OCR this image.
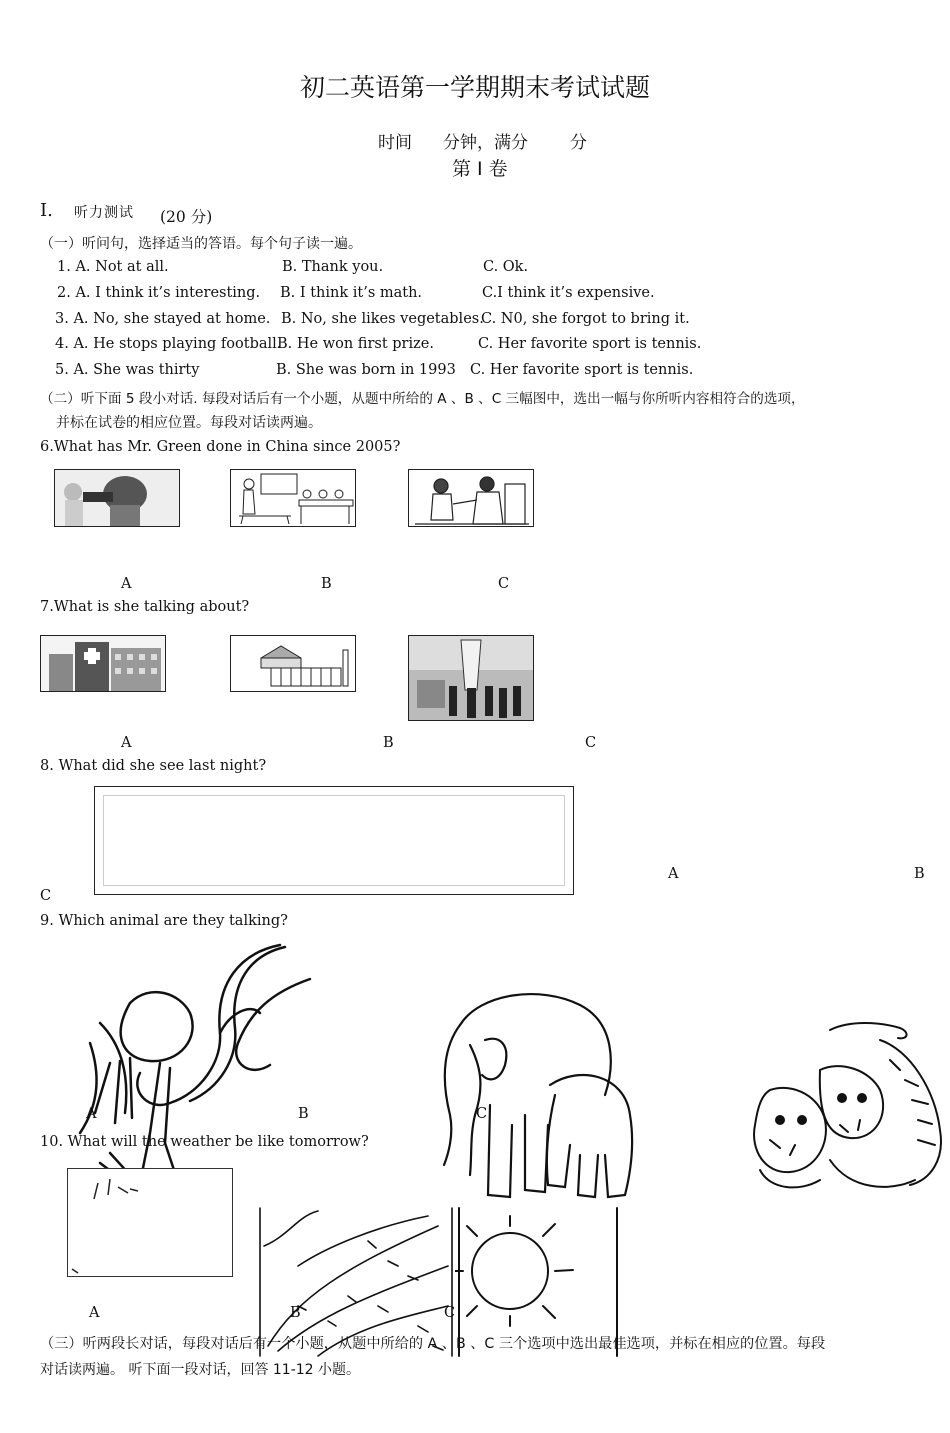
初二英语第一学期期末考试试题
时间 分钟，满分 分
第 I 卷
I. 听力测试 (20 分)
（一）听问句，选择适当的答语。每个句子读一遍。
1. A. Not at all.	B. Thank you.	C. Ok.
2. A. I think it’s interesting. B. I think it’s math.	C.I think it’s expensive.
3. A. No, she stayed at home. B. No, she likes vegetables.
C. N0, she forgot to bring it.
4. A. He stops playing football.
B. He won first prize.	C. Her favorite sport is tennis.
5. A. She was thirty	B. She was born in 1993 C. Her favorite sport is tennis.
（二）听下面 5 段小对话. 每段对话后有一个小题，从题中所给的 A 、B 、C 三幅图中，选出一幅与你所听内容相符合的选项，
并标在试卷的相应位置。每段对话读两遍。
6.What has Mr. Green done in China since 2005?
A	B	C
7.What is she talking about?
A	B	C
8. What did she see last night?
A	B
C
9. Which animal are they talking?
A	B	C
10. What will the weather be like tomorrow?
A	B	C
（三）听两段长对话，每段对话后有一个小题，从题中所给的 A 、B 、C 三个选项中选出最佳选项，并标在相应的位置。每段
对话读两遍。 听下面一段对话，回答 11-12 小题。
